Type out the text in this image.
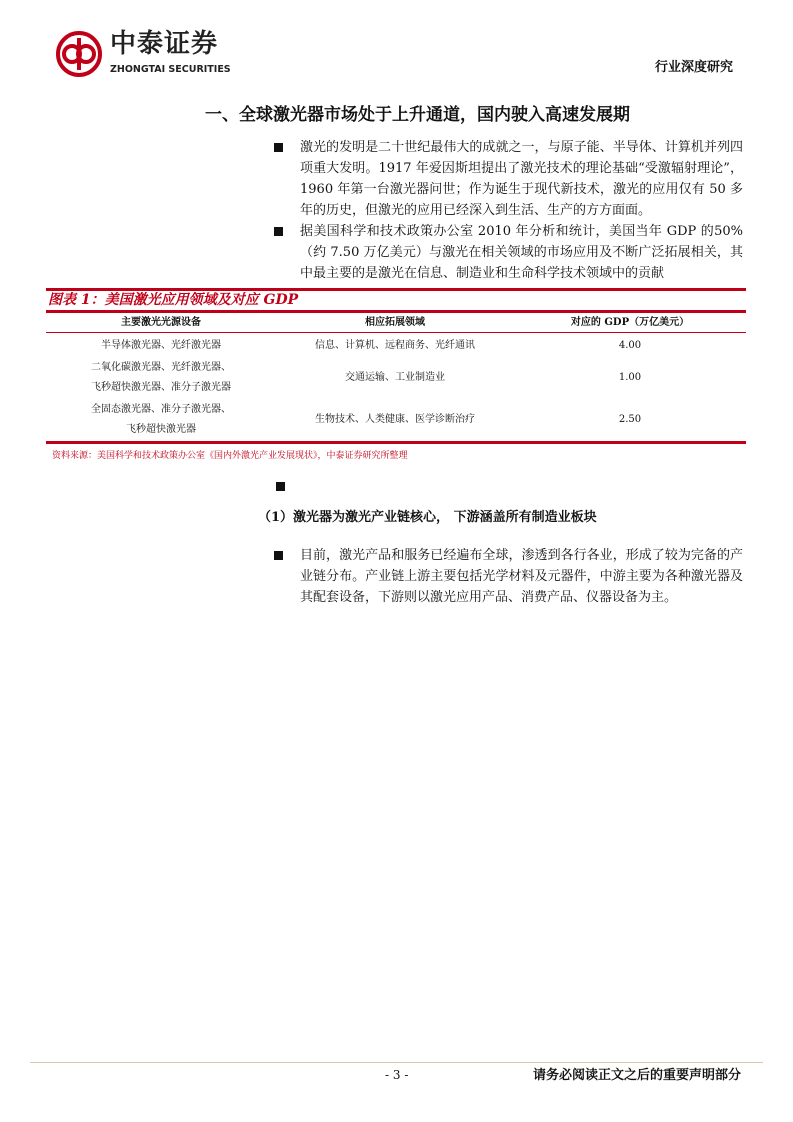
中泰证券
ZHONGTAI SECURITIES	行业深度研究
一、全球激光器市场处于上升通道，国内驶入高速发展期
激光的发明是二十世纪最伟大的成就之一，与原子能、半导体、计算机并列四项重大发明。1917 年爱因斯坦提出了激光技术的理论基础“受激辐射理论”，1960 年第一台激光器问世；作为诞生于现代新技术，激光的应用仅有 50 多年的历史，但激光的应用已经深入到生活、生产的方方面面。
据美国科学和技术政策办公室 2010 年分析和统计，美国当年 GDP 的50%（约 7.50 万亿美元）与激光在相关领域的市场应用及不断广泛拓展相关，其中最主要的是激光在信息、制造业和生命科学技术领域中的贡献
图表 1：美国激光应用领域及对应 GDP
主要激光光源设备	相应拓展领域	对应的 GDP（万亿美元）
半导体激光器、光纤激光器	信息、计算机、远程商务、光纤通讯	4.00
二氧化碳激光器、光纤激光器、
飞秒超快激光器、准分子激光器
交通运输、工业制造业	1.00
全固态激光器、准分子激光器、
飞秒超快激光器
生物技术、人类健康、医学诊断治疗	2.50
资料来源：美国科学和技术政策办公室《国内外激光产业发展现状》，中泰证券研究所整理
（1）激光器为激光产业链核心， 下游涵盖所有制造业板块
目前，激光产品和服务已经遍布全球，渗透到各行各业，形成了较为完备的产业链分布。产业链上游主要包括光学材料及元器件，中游主要为各种激光器及其配套设备，下游则以激光应用产品、消费产品、仪器设备为主。
- 3 -	请务必阅读正文之后的重要声明部分
